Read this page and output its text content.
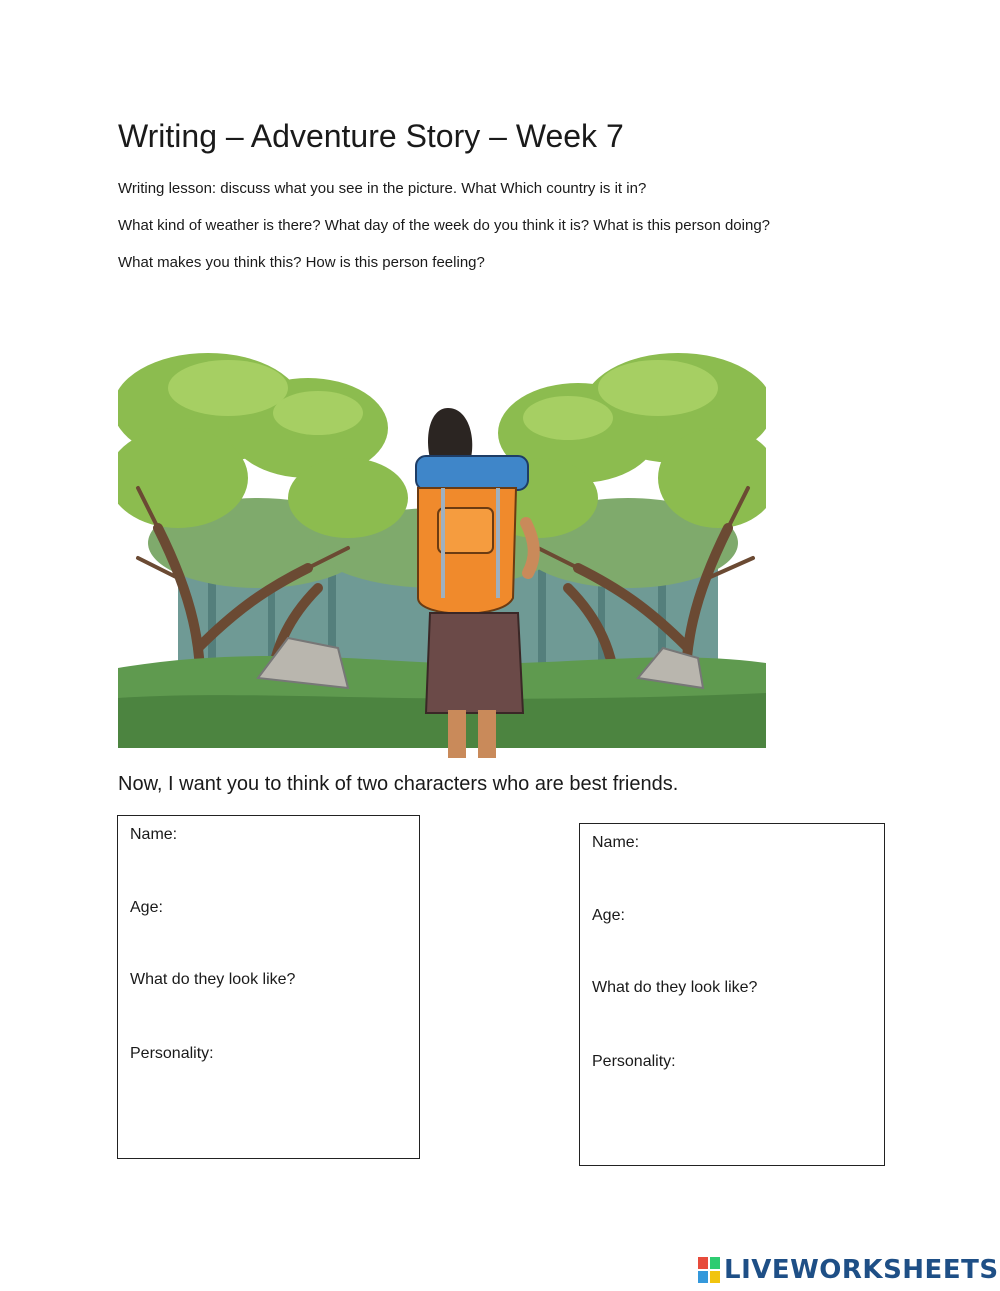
Writing – Adventure Story – Week 7

Writing lesson: discuss what you see in the picture. What Which country is it in?

What kind of weather is there? What day of the week do you think it is? What is this person doing?

What makes you think this? How is this person feeling?

Now, I want you to think of two characters who are best friends.

Name:
Age:
What do they look like?
Personality:
Name:
Age:
What do they look like?
Personality:
LIVEWORKSHEETS
